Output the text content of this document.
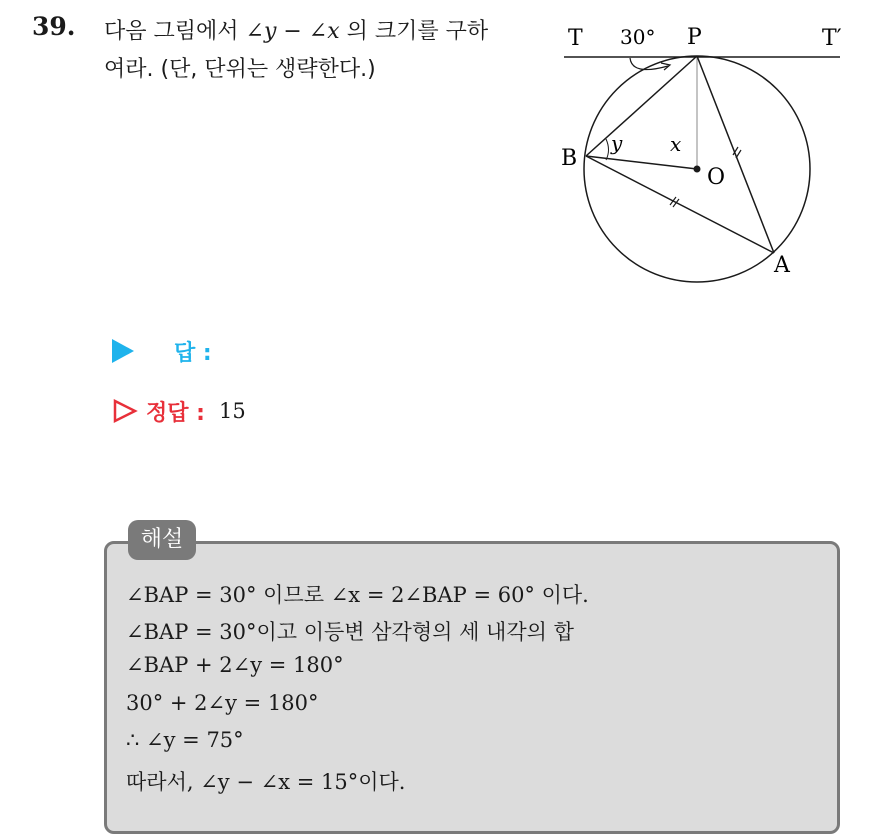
39. 다음 그림에서 ∠y − ∠x 의 크기를 구하
여라. (단, 단위는 생략한다.)
T 30° P	T′
B
O
A
x
y
답 :
정답 : 15
해설
∠BAP = 30° 이므로 ∠x = 2∠BAP = 60° 이다.
∠BAP = 30°이고 이등변 삼각형의 세 내각의 합
∠BAP + 2∠y = 180°
30° + 2∠y = 180°
∴ ∠y = 75°
따라서, ∠y − ∠x = 15°이다.
